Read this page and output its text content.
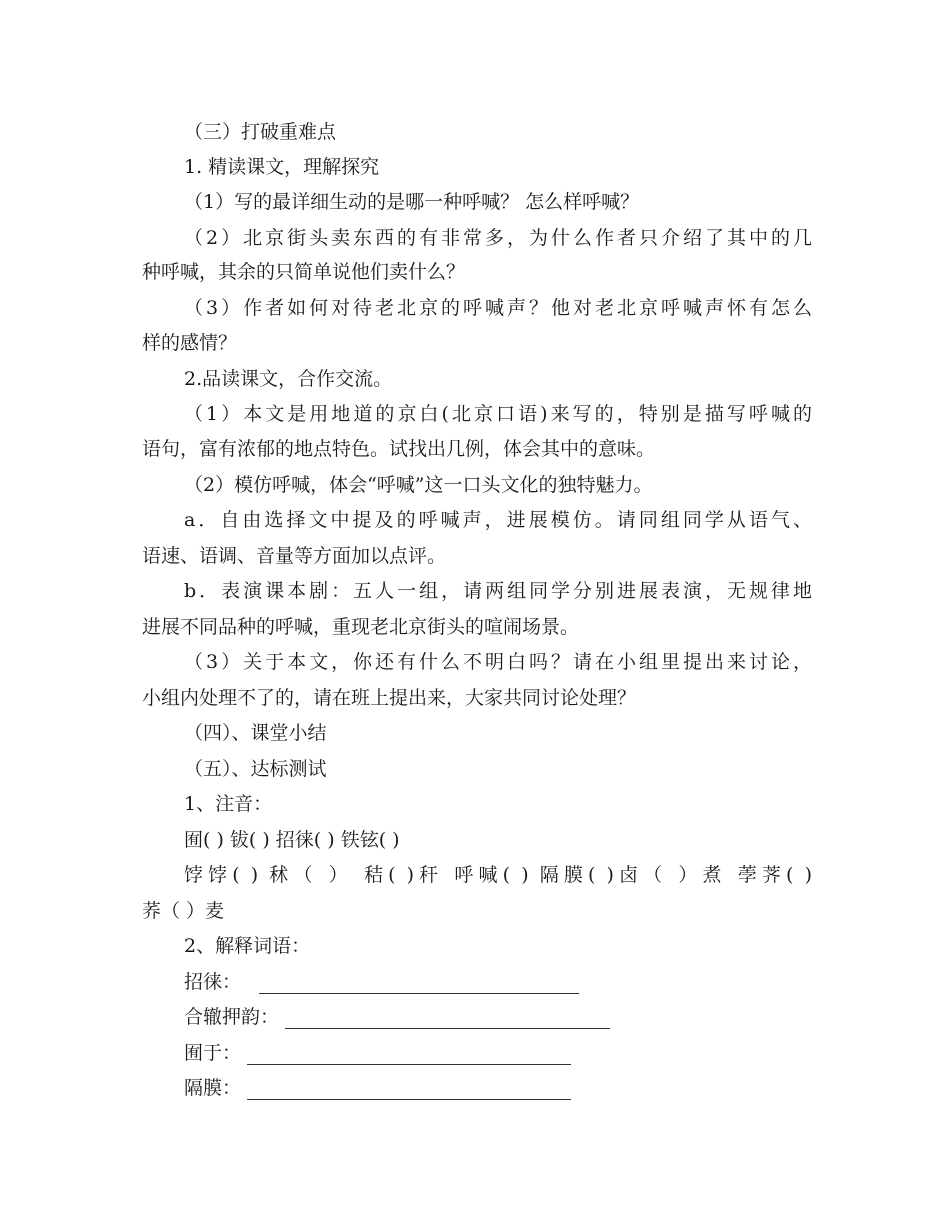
（三）打破重难点
1. 精读课文，理解探究
（1）写的最详细生动的是哪一种呼喊？ 怎么样呼喊？
（2）北京街头卖东西的有非常多，为什么作者只介绍了其中的几
种呼喊，其余的只简单说他们卖什么？
（3）作者如何对待老北京的呼喊声？他对老北京呼喊声怀有怎么
样的感情？
2.品读课文，合作交流。
（1）本文是用地道的京白(北京口语)来写的，特别是描写呼喊的
语句，富有浓郁的地点特色。试找出几例，体会其中的意味。
（2）模仿呼喊，体会“呼喊”这一口头文化的独特魅力。
a．自由选择文中提及的呼喊声，进展模仿。请同组同学从语气、
语速、语调、音量等方面加以点评。
b．表演课本剧：五人一组，请两组同学分别进展表演，无规律地
进展不同品种的呼喊，重现老北京街头的喧闹场景。
（3）关于本文，你还有什么不明白吗？请在小组里提出来讨论，
小组内处理不了的，请在班上提出来，大家共同讨论处理？
（四）、课堂小结
（五）、达标测试
1、注音：
囿( ) 钹( ) 招徕( ) 铁铉( )
饽饽( ) 秫（ ） 秸( )秆 呼喊( ) 隔膜( )卤（ ）煮 荸荠( )
荞（ ）麦
2、解释词语：
招徕：
合辙押韵：
囿于：
隔膜：
